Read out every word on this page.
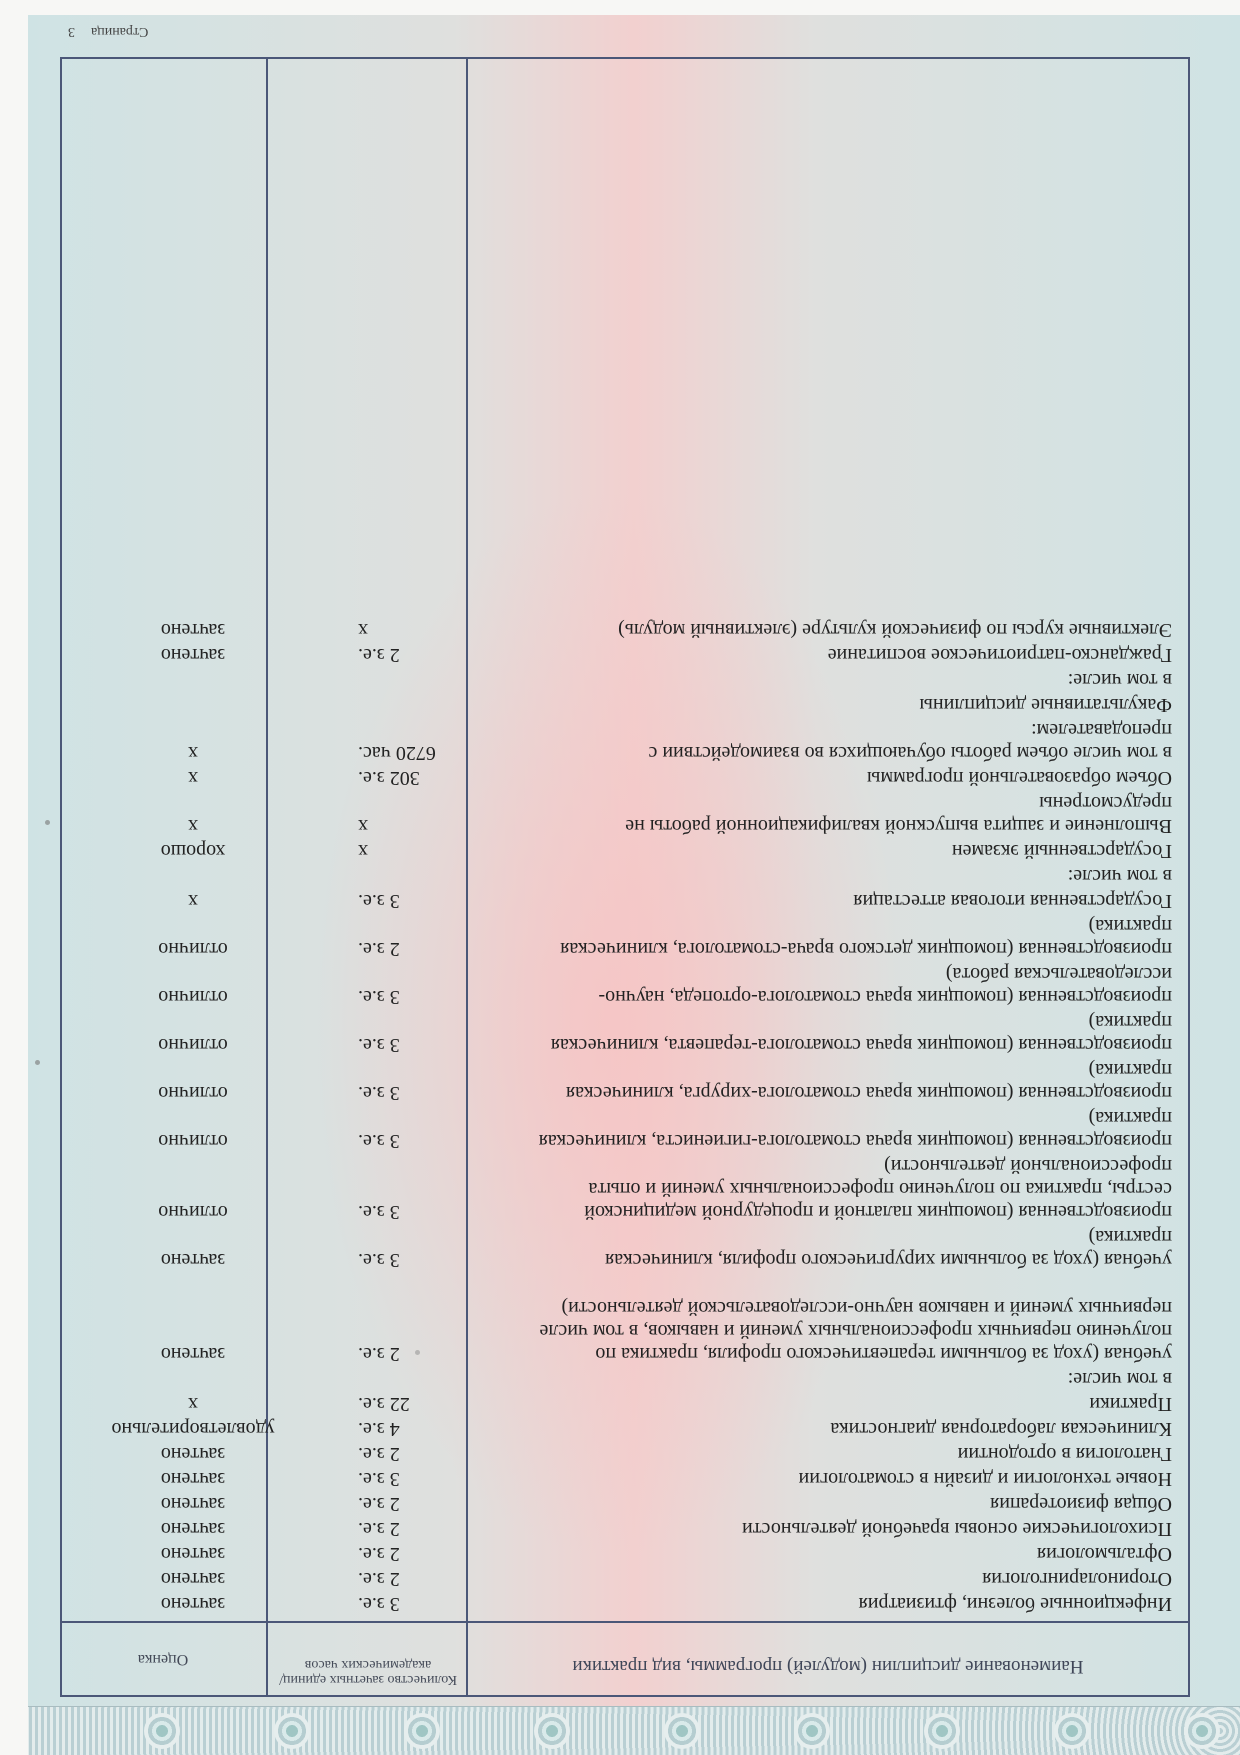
Наименование дисциплин (модулей) программы, вид практики
Количество зачетных единиц/ академических часов
Оценка
Инфекционные болезни, фтизиатрия
3 з.е.
зачтено
Оториноларингология
2 з.е.
зачтено
Офтальмология
2 з.е.
зачтено
Психологические основы врачебной деятельности
2 з.е.
зачтено
Общая физиотерапия
2 з.е.
зачтено
Новые технологии и дизайн в стоматологии
3 з.е.
зачтено
Гнатология в ортодонтии
2 з.е.
зачтено
Клиническая лабораторная диагностика
4 з.е.
удовлетворительно
Практики
22 з.е.
х
в том числе:
учебная (уход за больными терапевтического профиля, практика по получению первичных профессиональных умений и навыков, в том числе первичных умений и навыков научно-исследовательской деятельности)
2 з.е.
зачтено
учебная (уход за больными хирургического профиля, клиническая практика)
3 з.е.
зачтено
производственная (помощник палатной и процедурной медицинской сестры, практика по получению профессиональных умений и опыта профессиональной деятельности)
3 з.е.
отлично
производственная (помощник врача стоматолога-гигиениста, клиническая практика)
3 з.е.
отлично
производственная (помощник врача стоматолога-хирурга, клиническая практика)
3 з.е.
отлично
производственная (помощник врача стоматолога-терапевта, клиническая практика)
3 з.е.
отлично
производственная (помощник врача стоматолога-ортопеда, научно-исследовательская работа)
3 з.е.
отлично
производственная (помощник детского врача-стоматолога, клиническая практика)
2 з.е.
отлично
Государственная итоговая аттестация
3 з.е.
х
в том числе:
Государственный экзамен
х
хорошо
Выполнение и защита выпускной квалификационной работы не предусмотрены
х
х
Объем образовательной программы
302 з.е.
х
в том числе объем работы обучающихся во взаимодействии с преподавателем:
6720 час.
х
Факультативные дисциплины
в том числе:
Гражданско-патриотическое воспитание
2 з.е.
зачтено
Элективные курсы по физической культуре (элективный модуль)
х
зачтено
Страница3
